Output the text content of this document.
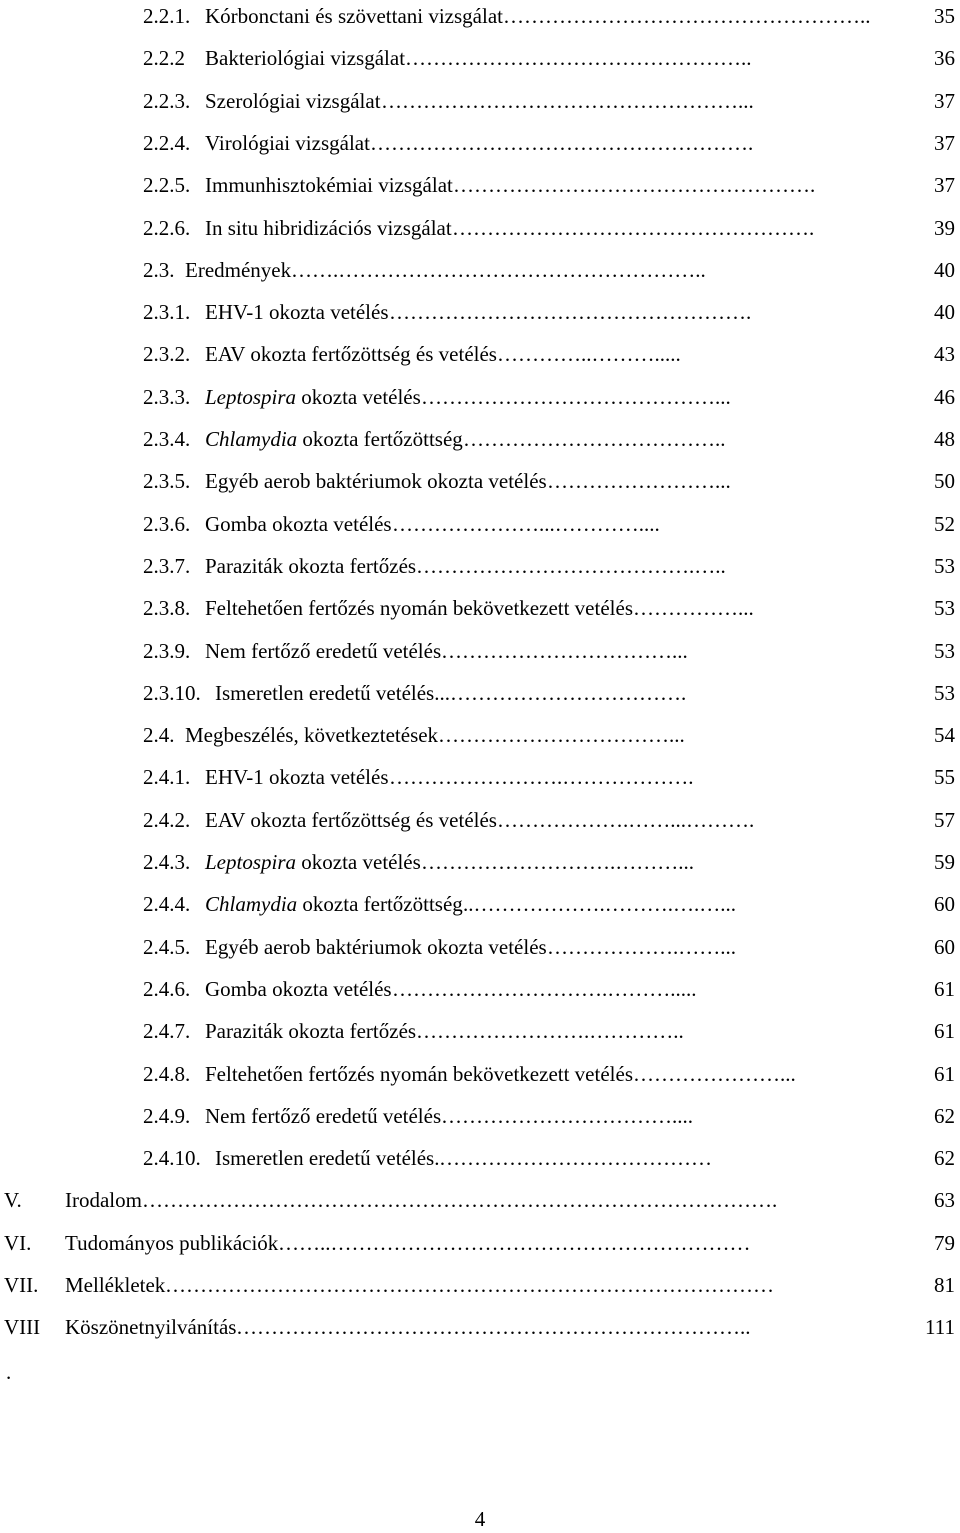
2.2.1. Kórbonctani és szövettani vizsgálat ……………………………………………..	35
2.2.2 Bakteriológiai vizsgálat …………………………………………..	36
2.2.3. Szerológiai vizsgálat ……………………………………………...	37
2.2.4. Virológiai vizsgálat ……………………………………………….	37
2.2.5. Immunhisztokémiai vizsgálat …………………………………………….	37
2.2.6. In situ hibridizációs vizsgálat …………………………………………….	39
2.3. Eredmények …….……………………………………………..	40
2.3.1. EHV-1 okozta vetélés …………………………………………….	40
2.3.2. EAV okozta fertőzöttség és vetélés …………..……….....	43
2.3.3. Leptospira okozta vetélés ……………………………………...	46
2.3.4. Chlamydia okozta fertőzöttség ………………………………..	48
2.3.5. Egyéb aerob baktériumok okozta vetélés ……………………...	50
2.3.6. Gomba okozta vetélés …………………...…………....	52
2.3.7. Paraziták okozta fertőzés ………………………………….…..	53
2.3.8. Feltehetően fertőzés nyomán bekövetkezett vetélés ……………...	53
2.3.9. Nem fertőző eredetű vetélés ……………………………...	53
2.3.10. Ismeretlen eredetű vetélés... …………………………….	53
2.4. Megbeszélés, következtetések ……………………………...	54
2.4.1. EHV-1 okozta vetélés …………………….……………….	55
2.4.2. EAV okozta fertőzöttség és vetélés ……………….……...……….	57
2.4.3. Leptospira okozta vetélés ……………………….………...	59
2.4.4. Chlamydia okozta fertőzöttség ..……………….……….….…...	60
2.4.5. Egyéb aerob baktériumok okozta vetélés ……………….……...	60
2.4.6. Gomba okozta vetélés ………………………….……….....	61
2.4.7. Paraziták okozta fertőzés …………………….…………..	61
2.4.8. Feltehetően fertőzés nyomán bekövetkezett vetélés …………………...	61
2.4.9. Nem fertőző eredetű vetélés ……………………………....	62
2.4.10. Ismeretlen eredetű vetélés. …………………………………	62
V. Irodalom ……………………………………………………………………………….	63
VI. Tudományos publikációk ……..……………………………………………………	79
VII. Mellékletek ……………………………………………………………………………	81
VIII Köszönetnyilvánítás ………………………………………………………………..	111
.
4
